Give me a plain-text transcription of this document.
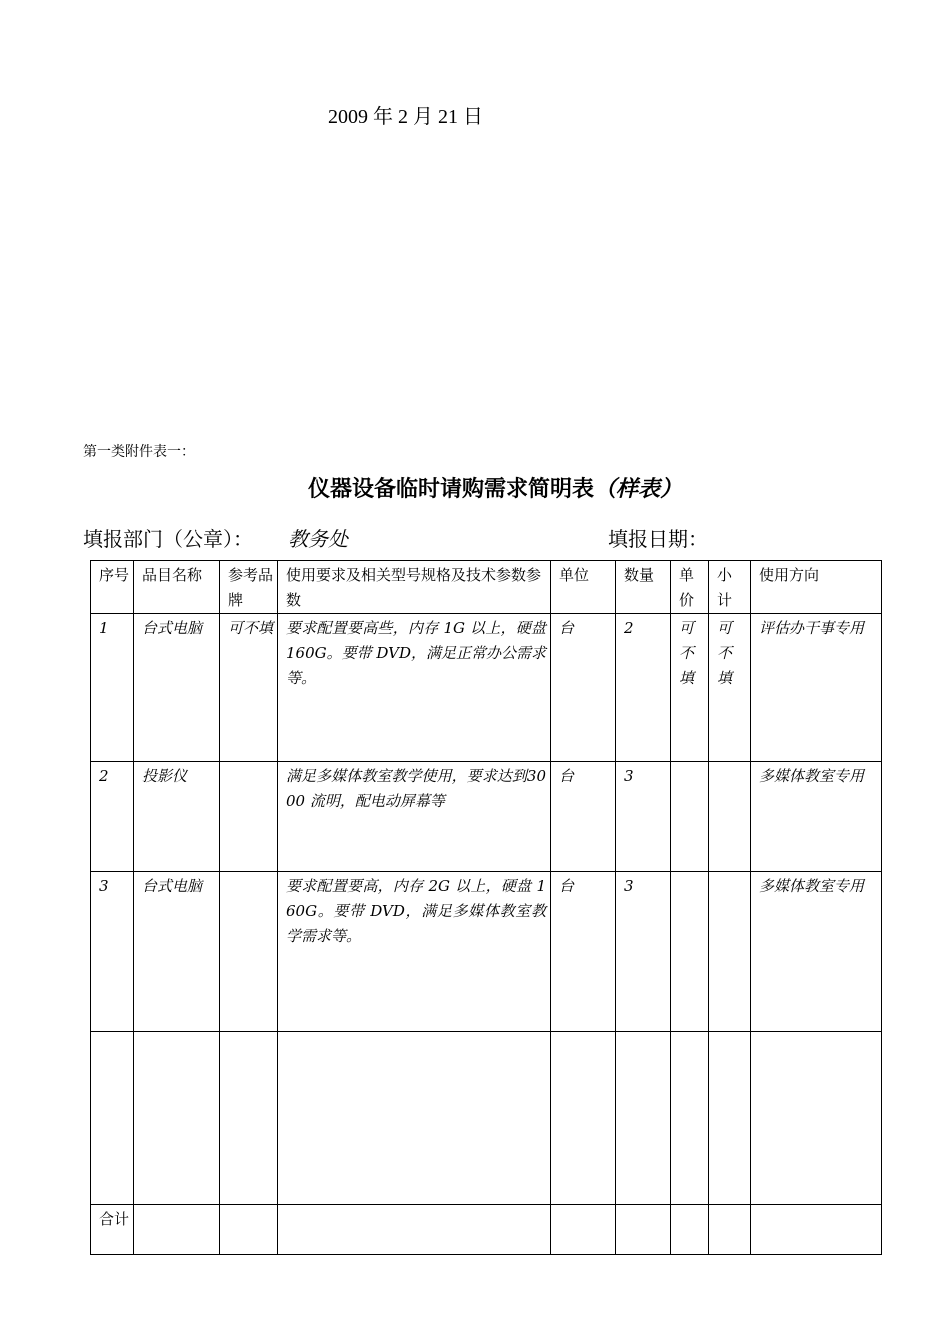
2009 年 2 月 21 日
第一类附件表一：
仪器设备临时请购需求简明表（样表）
填报部门（公章）： 教务处	填报日期：
序号	品目名称	参考品牌	使用要求及相关型号规格及技术参数参数	单位	数量	单价	小计	使用方向
1	台式电脑	可不填	要求配置要高些，内存 1G 以上，硬盘 160G。要带 DVD，满足正常办公需求等。	台	2	可不填	可不填	评估办干事专用
2	投影仪		满足多媒体教室教学使用，要求达到3000 流明，配电动屏幕等	台	3			多媒体教室专用
3	台式电脑		要求配置要高，内存 2G 以上，硬盘 160G。要带 DVD，满足多媒体教室教学需求等。	台	3			多媒体教室专用

合计								
